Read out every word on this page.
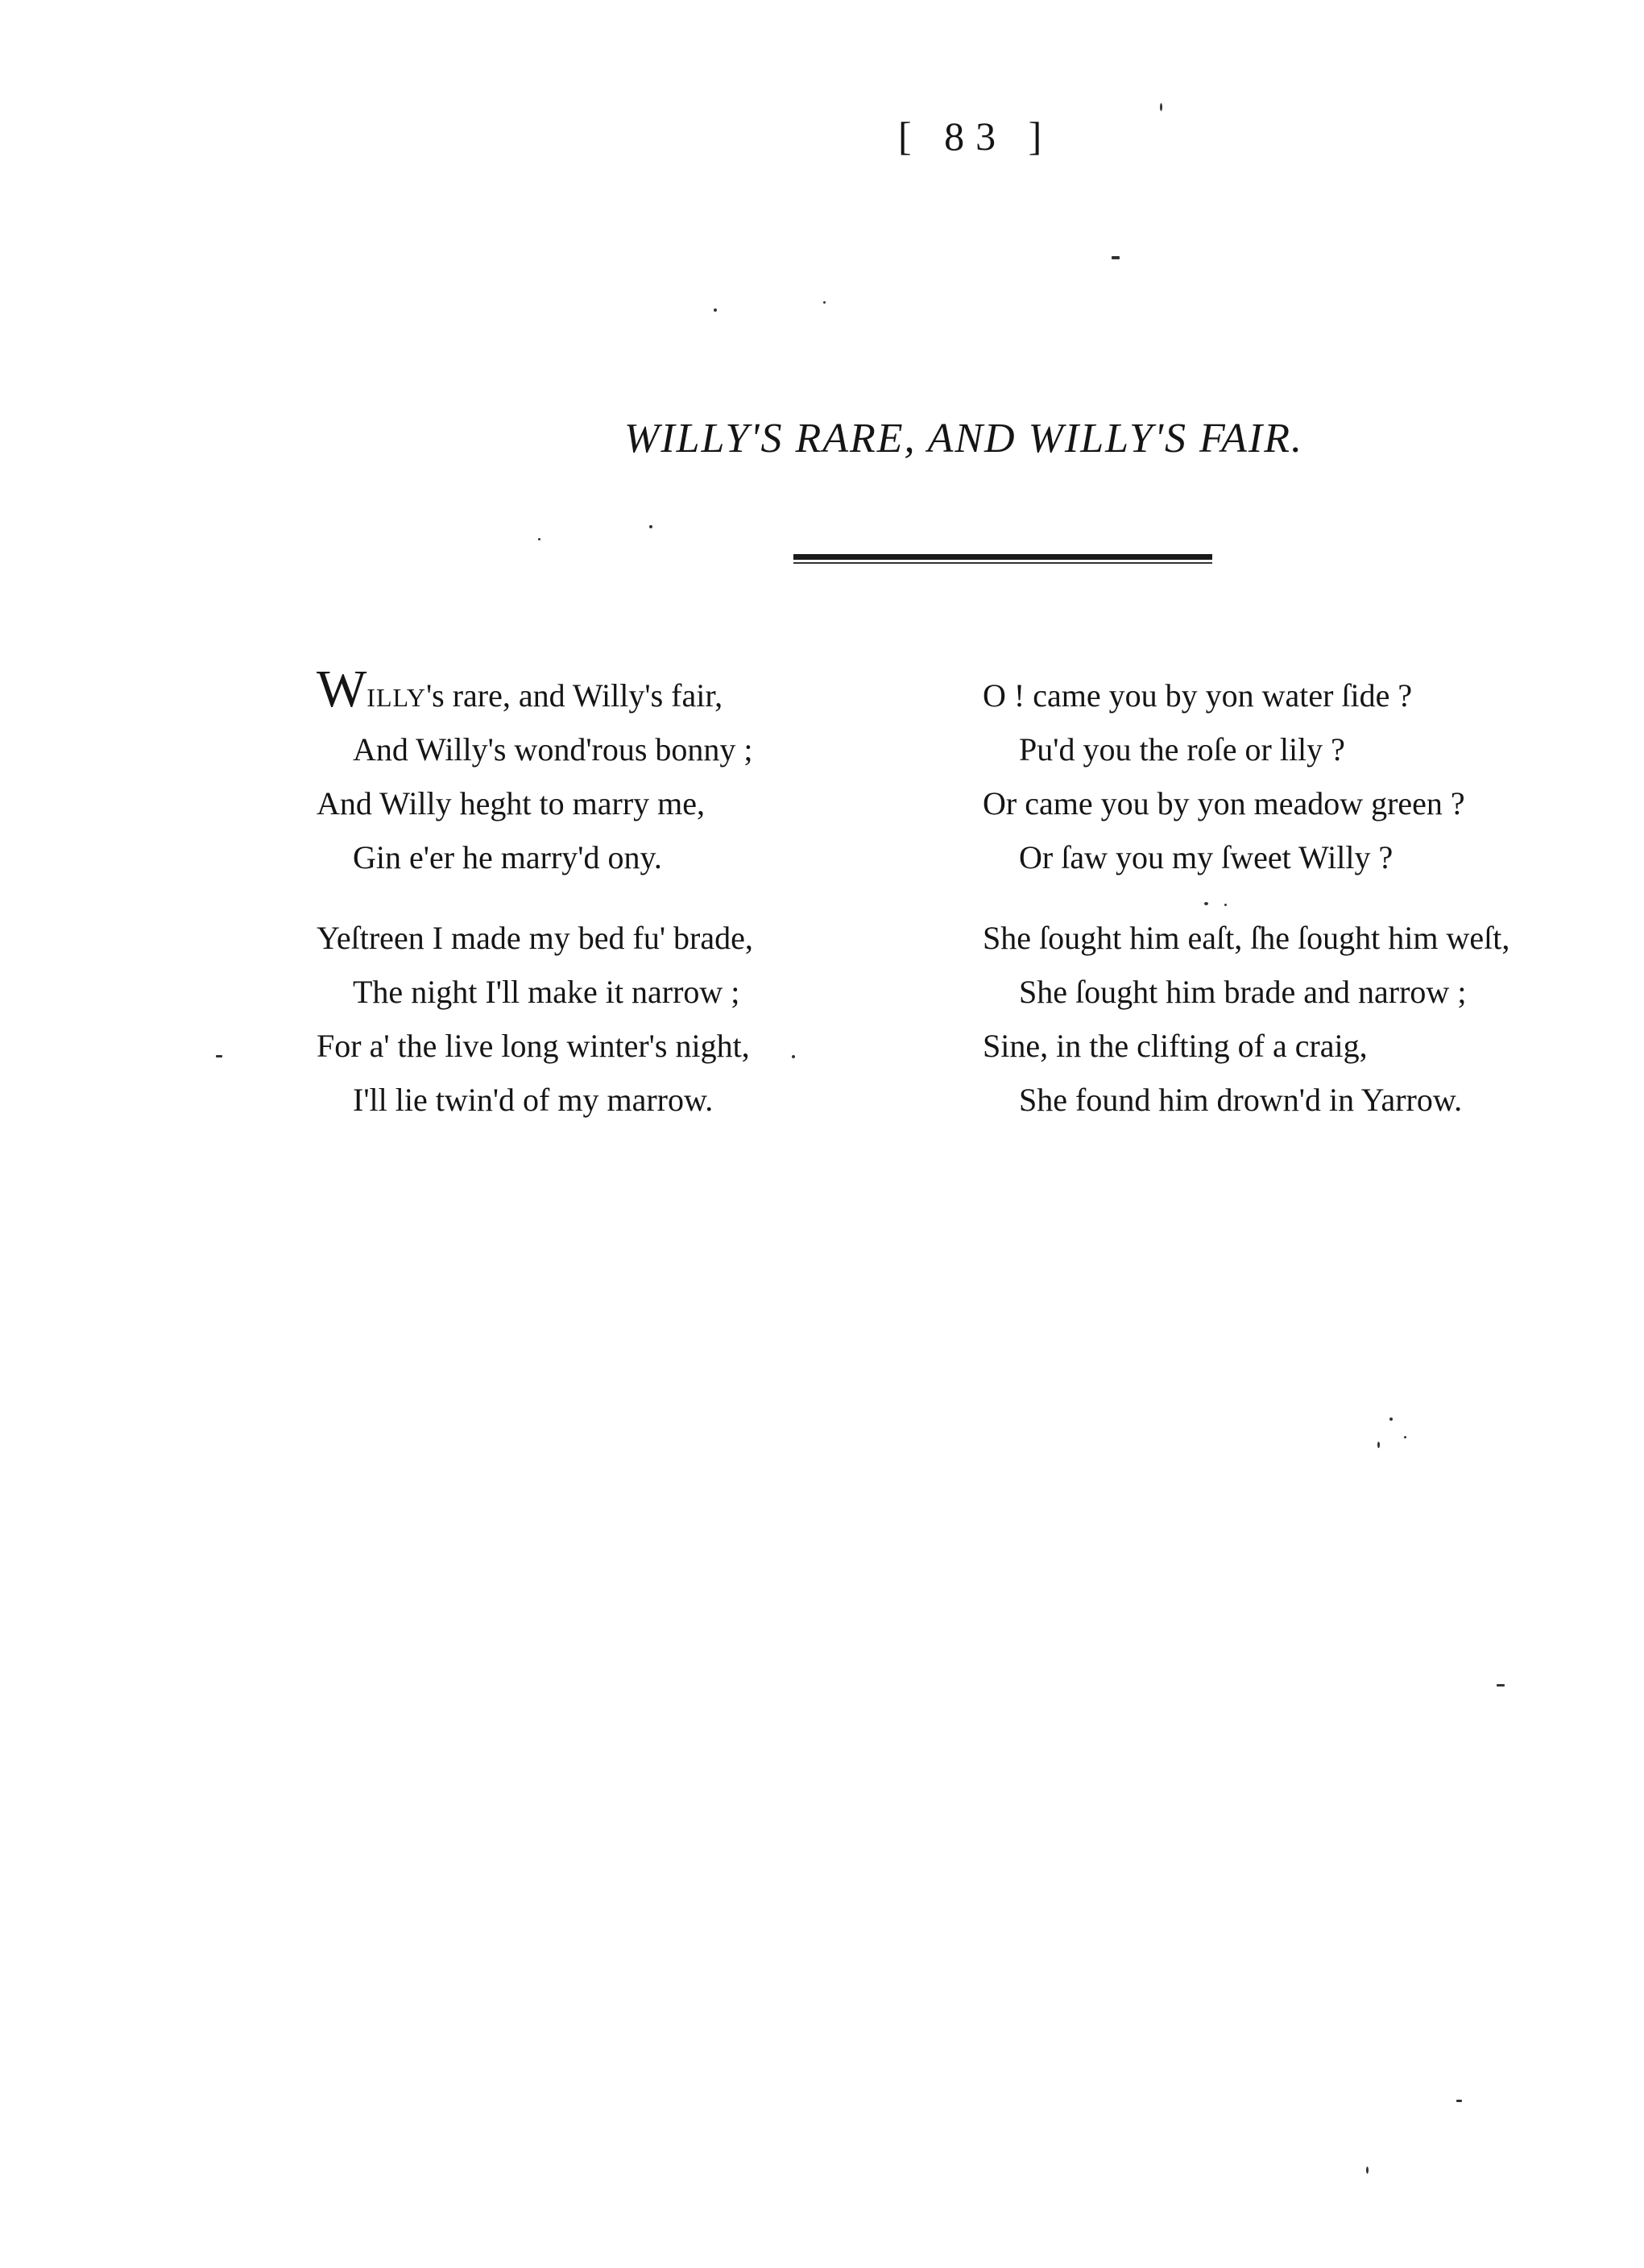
[ 83 ]
WILLY'S RARE, AND WILLY'S FAIR.
WILLY's rare, and Willy's fair,
And Willy's wond'rous bonny ;
And Willy heght to marry me,
Gin e'er he marry'd ony.
Yeſtreen I made my bed fu' brade,
The night I'll make it narrow ;
For a' the live long winter's night,
I'll lie twin'd of my marrow.
O ! came you by yon water ſide ?
Pu'd you the roſe or lily ?
Or came you by yon meadow green ?
Or ſaw you my ſweet Willy ?
She ſought him eaſt, ſhe ſought him weſt,
She ſought him brade and narrow ;
Sine, in the clifting of a craig,
She found him drown'd in Yarrow.
